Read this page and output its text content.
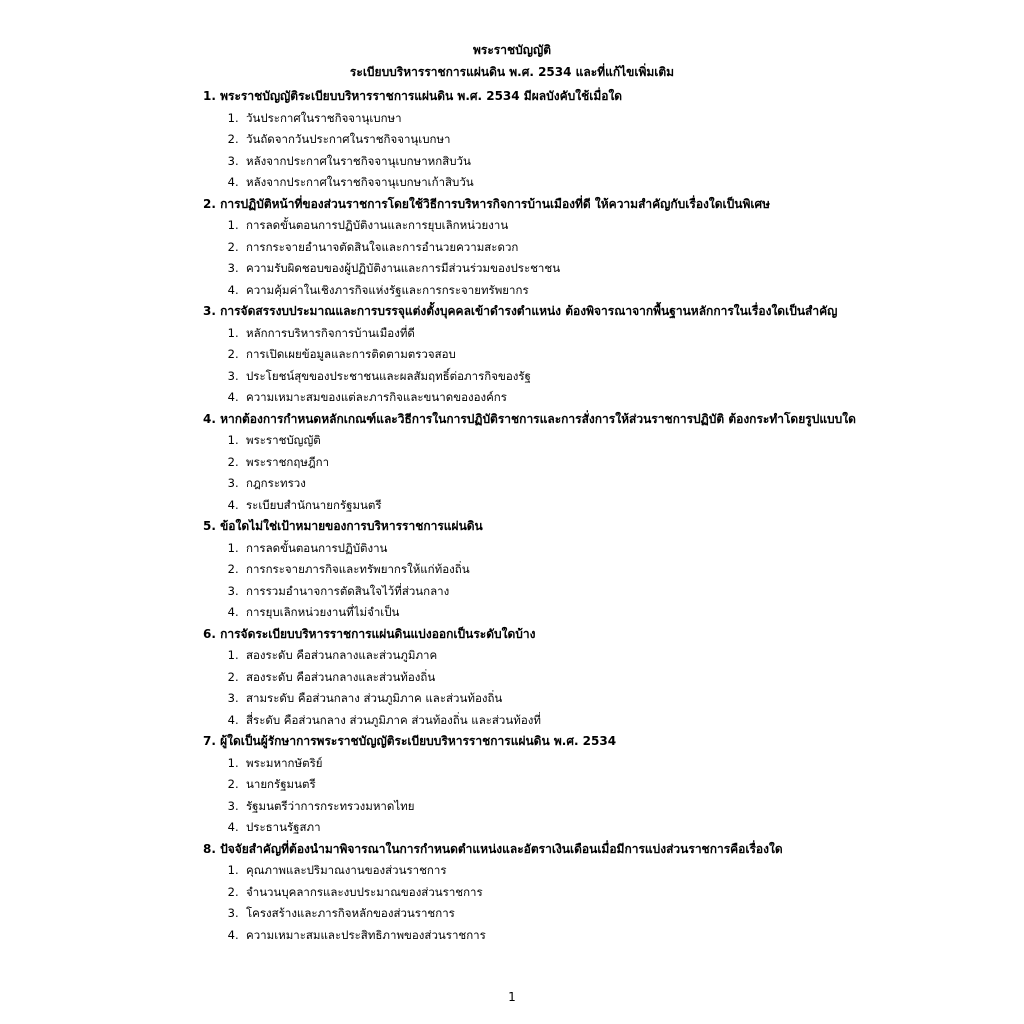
พระราชบัญญัติ
ระเบียบบริหารราชการแผ่นดิน พ.ศ. 2534 และที่แก้ไขเพิ่มเติม
1. พระราชบัญญัติระเบียบบริหารราชการแผ่นดิน พ.ศ. 2534 มีผลบังคับใช้เมื่อใด
1 . วันประกาศในราชกิจจานุเบกษา
2 . วันถัดจากวันประกาศในราชกิจจานุเบกษา
3 . หลังจากประกาศในราชกิจจานุเบกษาหกสิบวัน
4 . หลังจากประกาศในราชกิจจานุเบกษาเก้าสิบวัน
2. การปฏิบัติหน้าที่ของส่วนราชการโดยใช้วิธีการบริหารกิจการบ้านเมืองที่ดี ให้ความสำคัญกับเรื่องใดเป็นพิเศษ
1 . การลดขั้นตอนการปฏิบัติงานและการยุบเลิกหน่วยงาน
2 . การกระจายอำนาจตัดสินใจและการอำนวยความสะดวก
3 . ความรับผิดชอบของผู้ปฏิบัติงานและการมีส่วนร่วมของประชาชน
4 . ความคุ้มค่าในเชิงภารกิจแห่งรัฐและการกระจายทรัพยากร
3. การจัดสรรงบประมาณและการบรรจุแต่งตั้งบุคคลเข้าดำรงตำแหน่ง ต้องพิจารณาจากพื้นฐานหลักการในเรื่องใดเป็นสำคัญ
1 . หลักการบริหารกิจการบ้านเมืองที่ดี
2 . การเปิดเผยข้อมูลและการติดตามตรวจสอบ
3 . ประโยชน์สุขของประชาชนและผลสัมฤทธิ์ต่อภารกิจของรัฐ
4 . ความเหมาะสมของแต่ละภารกิจและขนาดขององค์กร
4. หากต้องการกำหนดหลักเกณฑ์และวิธีการในการปฏิบัติราชการและการสั่งการให้ส่วนราชการปฏิบัติ ต้องกระทำโดยรูปแบบใด
1 . พระราชบัญญัติ
2 . พระราชกฤษฎีกา
3 . กฎกระทรวง
4 . ระเบียบสำนักนายกรัฐมนตรี
5. ข้อใดไม่ใช่เป้าหมายของการบริหารราชการแผ่นดิน
1 . การลดขั้นตอนการปฏิบัติงาน
2 . การกระจายภารกิจและทรัพยากรให้แก่ท้องถิ่น
3 . การรวมอำนาจการตัดสินใจไว้ที่ส่วนกลาง
4 . การยุบเลิกหน่วยงานที่ไม่จำเป็น
6. การจัดระเบียบบริหารราชการแผ่นดินแบ่งออกเป็นระดับใดบ้าง
1 . สองระดับ คือส่วนกลางและส่วนภูมิภาค
2 . สองระดับ คือส่วนกลางและส่วนท้องถิ่น
3 . สามระดับ คือส่วนกลาง ส่วนภูมิภาค และส่วนท้องถิ่น
4 . สี่ระดับ คือส่วนกลาง ส่วนภูมิภาค ส่วนท้องถิ่น และส่วนท้องที่
7. ผู้ใดเป็นผู้รักษาการพระราชบัญญัติระเบียบบริหารราชการแผ่นดิน พ.ศ. 2534
1 . พระมหากษัตริย์
2 . นายกรัฐมนตรี
3 . รัฐมนตรีว่าการกระทรวงมหาดไทย
4 . ประธานรัฐสภา
8. ปัจจัยสำคัญที่ต้องนำมาพิจารณาในการกำหนดตำแหน่งและอัตราเงินเดือนเมื่อมีการแบ่งส่วนราชการคือเรื่องใด
1 . คุณภาพและปริมาณงานของส่วนราชการ
2 . จำนวนบุคลากรและงบประมาณของส่วนราชการ
3 . โครงสร้างและภารกิจหลักของส่วนราชการ
4 . ความเหมาะสมและประสิทธิภาพของส่วนราชการ
1
